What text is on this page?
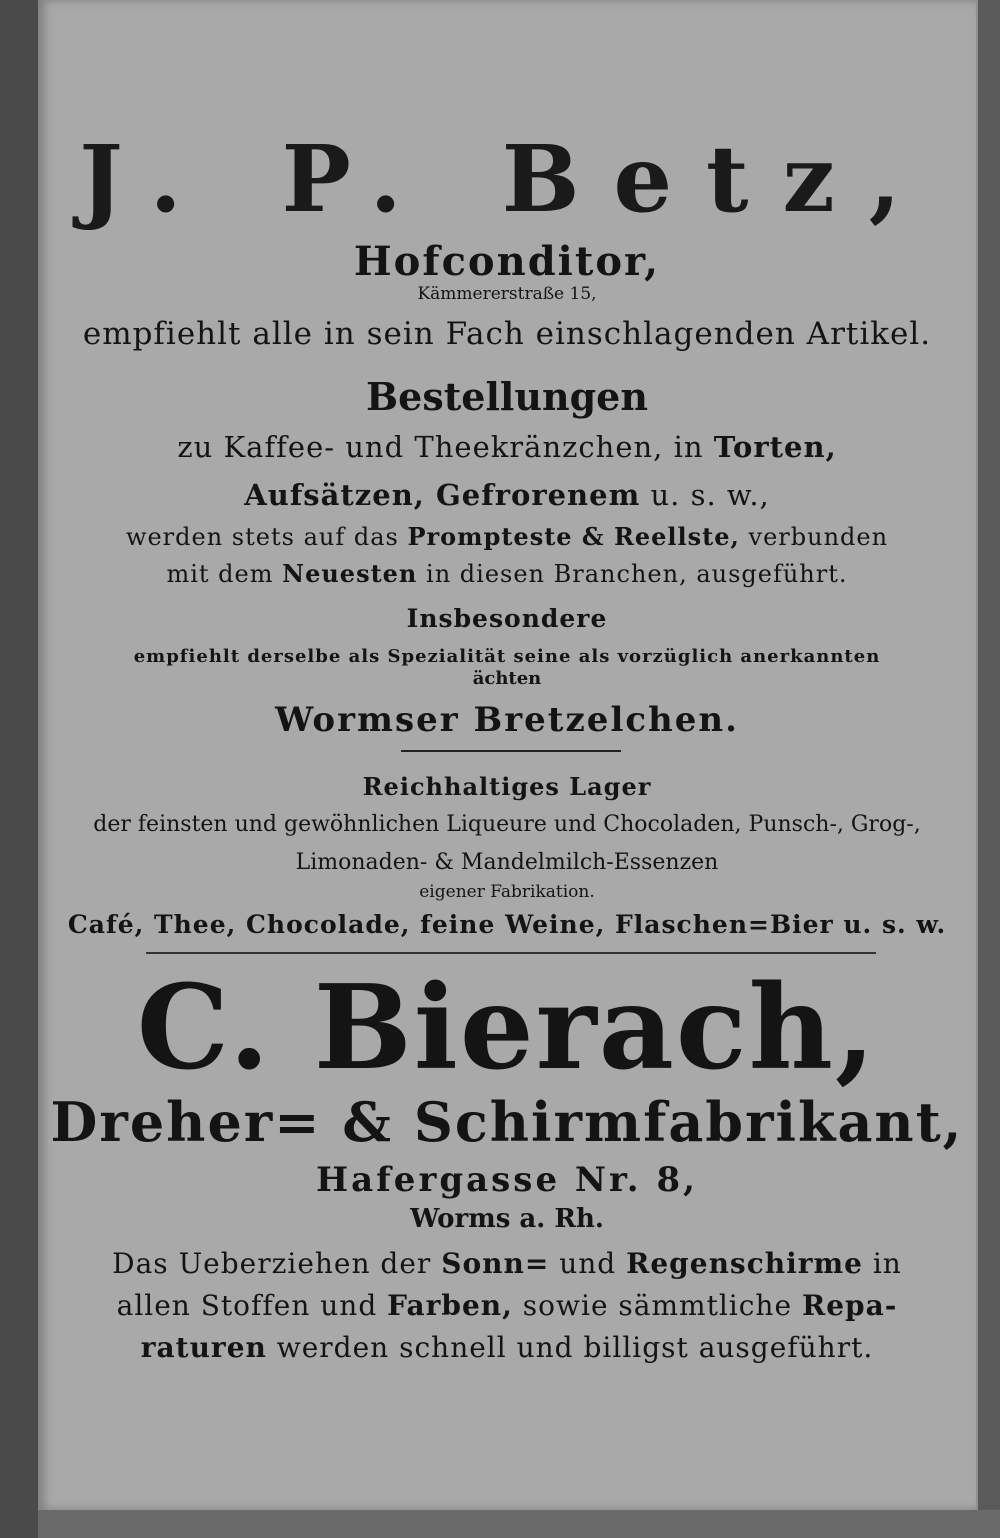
J. P. Betz,
Hofconditor,
Kämmererstraße 15,
empfiehlt alle in sein Fach einschlagenden Artikel.
Bestellungen
zu Kaffee- und Theekränzchen, in Torten,
Aufsätzen, Gefrorenem u. s. w.,
werden stets auf das Prompteste & Reellste, verbunden
mit dem Neuesten in diesen Branchen, ausgeführt.
Insbesondere
empfiehlt derselbe als Spezialität seine als vorzüglich anerkannten
ächten
Wormser Bretzelchen.
Reichhaltiges Lager
der feinsten und gewöhnlichen Liqueure und Chocoladen, Punsch-, Grog-,
Limonaden- & Mandelmilch-Essenzen
eigener Fabrikation.
Café, Thee, Chocolade, feine Weine, Flaschen=Bier u. s. w.
C. Bierach,
Dreher= & Schirmfabrikant,
Hafergasse Nr. 8,
Worms a. Rh.
Das Ueberziehen der Sonn= und Regenschirme in
allen Stoffen und Farben, sowie sämmtliche Repa-
raturen werden schnell und billigst ausgeführt.
